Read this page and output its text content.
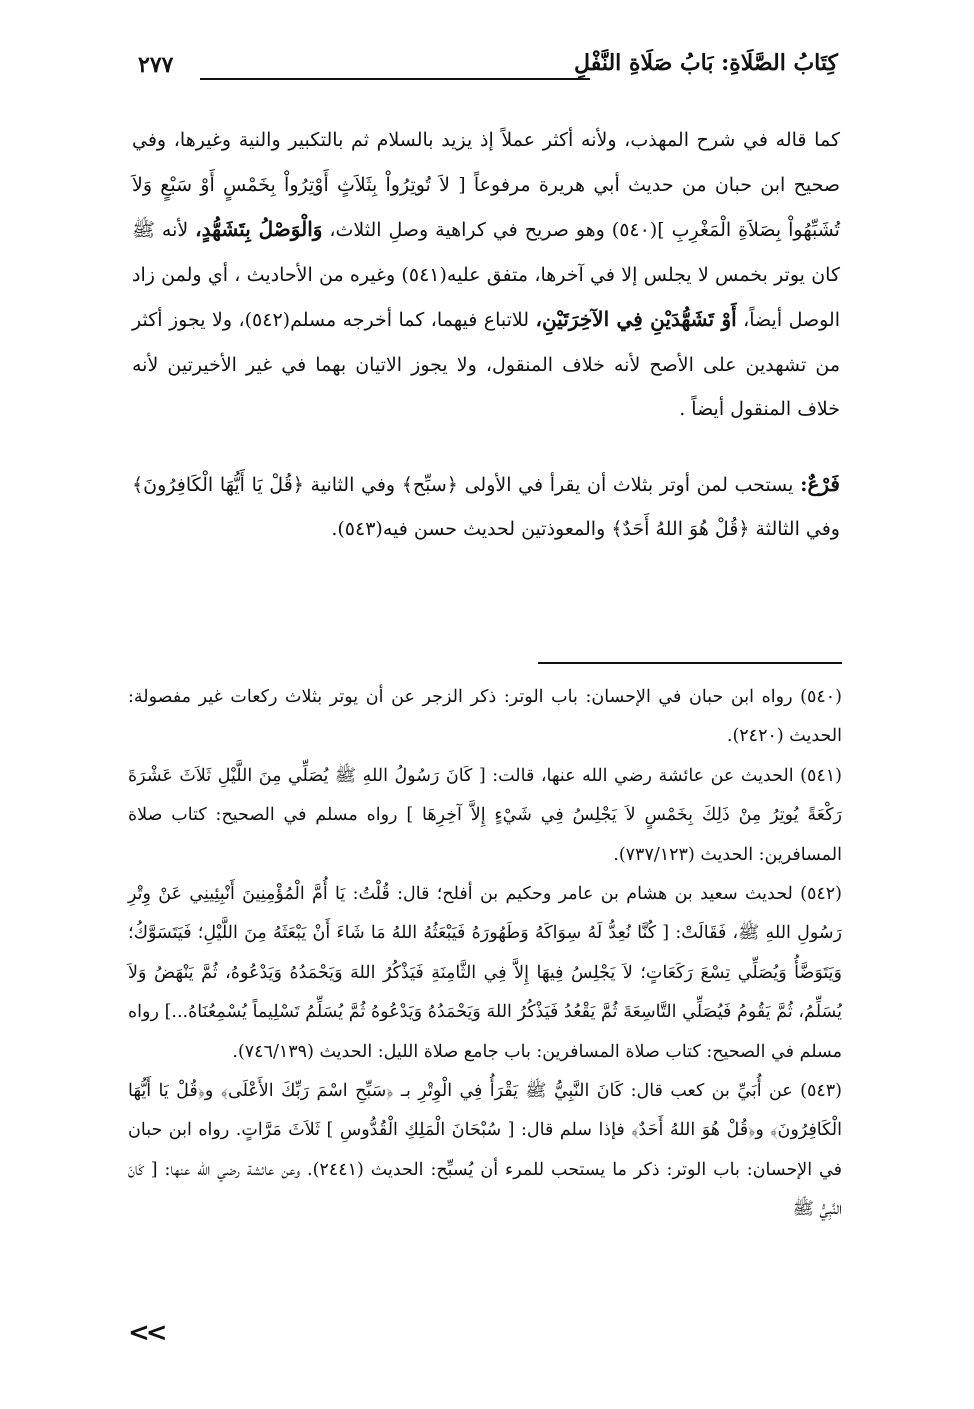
كِتَابُ الصَّلَاةِ: بَابُ صَلَاةِ النَّفْلِ
٢٧٧

كما قاله في شرح المهذب، ولأنه أكثر عملاً إذ يزيد بالسلام ثم بالتكبير والنية وغيرها، وفي صحيح ابن حبان من حديث أبي هريرة مرفوعاً [ لاَ تُوتِرُواْ بِثَلاَثٍ أَوْتِرُواْ بِخَمْسٍ أَوْ سَبْعٍ وَلاَ تُشَبِّهُواْ بِصَلاَةِ الْمَغْرِبِ ](٥٤٠) وهو صريح في كراهية وصلِ الثلاث، وَالْوَصْلُ بِتَشَهُّدٍ، لأنه ﷺ كان يوتر بخمس لا يجلس إلا في آخرها، متفق عليه(٥٤١) وغيره من الأحاديث ، أي ولمن زاد الوصل أيضاً، أَوْ تَشَهُّدَيْنِ فِي الآخِرَتَيْنِ، للاتباع فيهما، كما أخرجه مسلم(٥٤٢)، ولا يجوز أكثر من تشهدين على الأصح لأنه خلاف المنقول، ولا يجوز الاتيان بهما في غير الأخيرتين لأنه خلاف المنقول أيضاً .

فَرْعٌ: يستحب لمن أوتر بثلاث أن يقرأ في الأولى ﴿سبِّح﴾ وفي الثانية ﴿قُلْ يَا أَيُّهَا الْكَافِرُونَ﴾ وفي الثالثة ﴿قُلْ هُوَ اللهُ أَحَدٌ﴾ والمعوذتين لحديث حسن فيه(٥٤٣).

(٥٤٠) رواه ابن حبان في الإحسان: باب الوتر: ذكر الزجر عن أن يوتر بثلاث ركعات غير مفصولة: الحديث (٢٤٢٠).

(٥٤١) الحديث عن عائشة رضي الله عنها، قالت: [ كَانَ رَسُولُ اللهِ ﷺ يُصَلِّي مِنَ اللَّيْلِ ثَلاَثَ عَشْرَةَ رَكْعَةً يُوتِرُ مِنْ ذَلِكَ بِخَمْسٍ لاَ يَجْلِسُ فِي شَيْءٍ إِلاَّ آخِرِهَا ] رواه مسلم في الصحيح: كتاب صلاة المسافرين: الحديث (٧٣٧/١٢٣).

(٥٤٢) لحديث سعيد بن هشام بن عامر وحكيم بن أفلح؛ قال: قُلْتُ: يَا أُمَّ الْمُؤْمِنِينَ أَنْبِئِينِي عَنْ وِتْرِ رَسُولِ اللهِ ﷺ، فَقَالَتْ: [ كُنَّا نُعِدُّ لَهُ سِوَاكَهُ وَطَهُورَهُ فَيَبْعَثُهُ اللهُ مَا شَاءَ أَنْ يَبْعَثَهُ مِنَ اللَّيْلِ؛ فَيَتَسَوَّكُ؛ وَيَتَوَضَّأُ وَيُصَلِّي تِسْعَ رَكَعَاتٍ؛ لاَ يَجْلِسُ فِيهَا إِلاَّ فِي الثَّامِنَةِ فَيَذْكُرُ اللهَ وَيَحْمَدُهُ وَيَدْعُوهُ، ثُمَّ يَنْهَضُ وَلاَ يُسَلِّمُ، ثُمَّ يَقُومُ فَيُصَلِّي التَّاسِعَةَ ثُمَّ يَقْعُدُ فَيَذْكُرُ اللهَ وَيَحْمَدُهُ وَيَدْعُوهُ ثُمَّ يُسَلِّمُ تَسْلِيماً يُسْمِعُنَاهُ...] رواه مسلم في الصحيح: كتاب صلاة المسافرين: باب جامع صلاة الليل: الحديث (٧٤٦/١٣٩).

(٥٤٣) عن أُبَيِّ بن كعب قال: كَانَ النَّبِيُّ ﷺ يَقْرَأُ فِي الْوِتْرِ بـ ﴿سَبِّحِ اسْمَ رَبِّكَ الأَعْلَى﴾ و﴿قُلْ يَا أَيُّهَا الْكَافِرُونَ﴾ و﴿قُلْ هُوَ اللهُ أَحَدٌ﴾ فإذا سلم قال: [ سُبْحَانَ الْمَلِكِ الْقُدُّوسِ ] ثَلاَثَ مَرَّاتٍ. رواه ابن حبان في الإحسان: باب الوتر: ذكر ما يستحب للمرء أن يُسبِّح: الحديث (٢٤٤١). وعن عائشة رضي الله عنها: [ كَانَ النَّبِيُّ ﷺ

<<
